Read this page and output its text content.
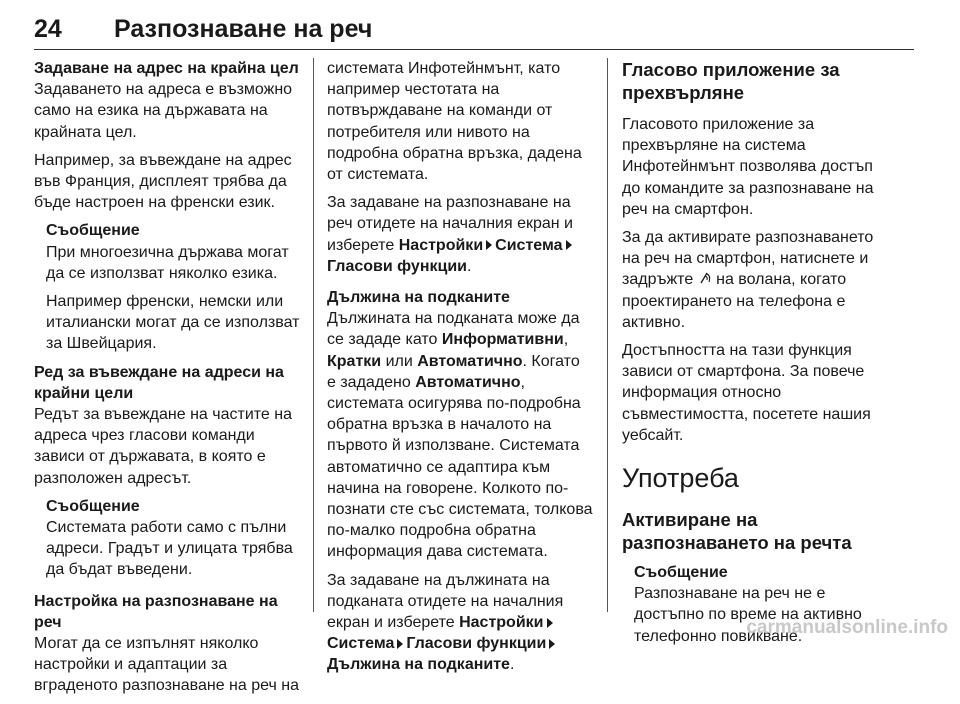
24 Разпознаване на реч

Задаване на адрес на крайна цел

Задаването на адреса е възможно само на езика на държавата на крайната цел.

Например, за въвеждане на адрес във Франция, дисплеят трябва да бъде настроен на френски език.

Съобщение

При многоезична държава могат да се използват няколко езика.

Например френски, немски или италиански могат да се използват за Швейцария.

Ред за въвеждане на адреси на крайни цели

Редът за въвеждане на частите на адреса чрез гласови команди зависи от държавата, в която е разположен адресът.

Съобщение

Системата работи само с пълни адреси. Градът и улицата трябва да бъдат въведени.

Настройка на разпознаване на реч

Могат да се изпълнят няколко настройки и адаптации за вграденото разпознаване на реч на

системата Инфотейнмънт, като например честотата на потвърждаване на команди от потребителя или нивото на подробна обратна връзка, дадена от системата.

За задаване на разпознаване на реч отидете на началния екран и изберете Настройки СистемаГласови функции.

Дължина на подканите

Дължината на подканата може да се зададе като Информативни, Кратки или Автоматично. Когато е зададено Автоматично, системата осигурява по-подробна обратна връзка в началото на първото й използване. Системата автоматично се адаптира към начина на говорене. Колкото по-познати сте със системата, толкова по-малко подробна обратна информация дава системата.

За задаване на дължината на подканата отидете на началния екран и изберете НастройкиСистема Гласови функцииДължина на подканите.

Гласово приложение за прехвърляне

Гласовото приложение за прехвърляне на система Инфотейнмънт позволява достъп до командите за разпознаване на реч на смартфон.

За да активирате разпознаването на реч на смартфон, натиснете и задръжте  на волана, когато проектирането на телефона е активно.

Достъпността на тази функция зависи от смартфона. За повече информация относно съвместимостта, посетете нашия уебсайт.

Употреба

Активиране на разпознаването на речта

Съобщение

Разпознаване на реч не е достъпно по време на активно телефонно повикване.

carmanualsonline.info
